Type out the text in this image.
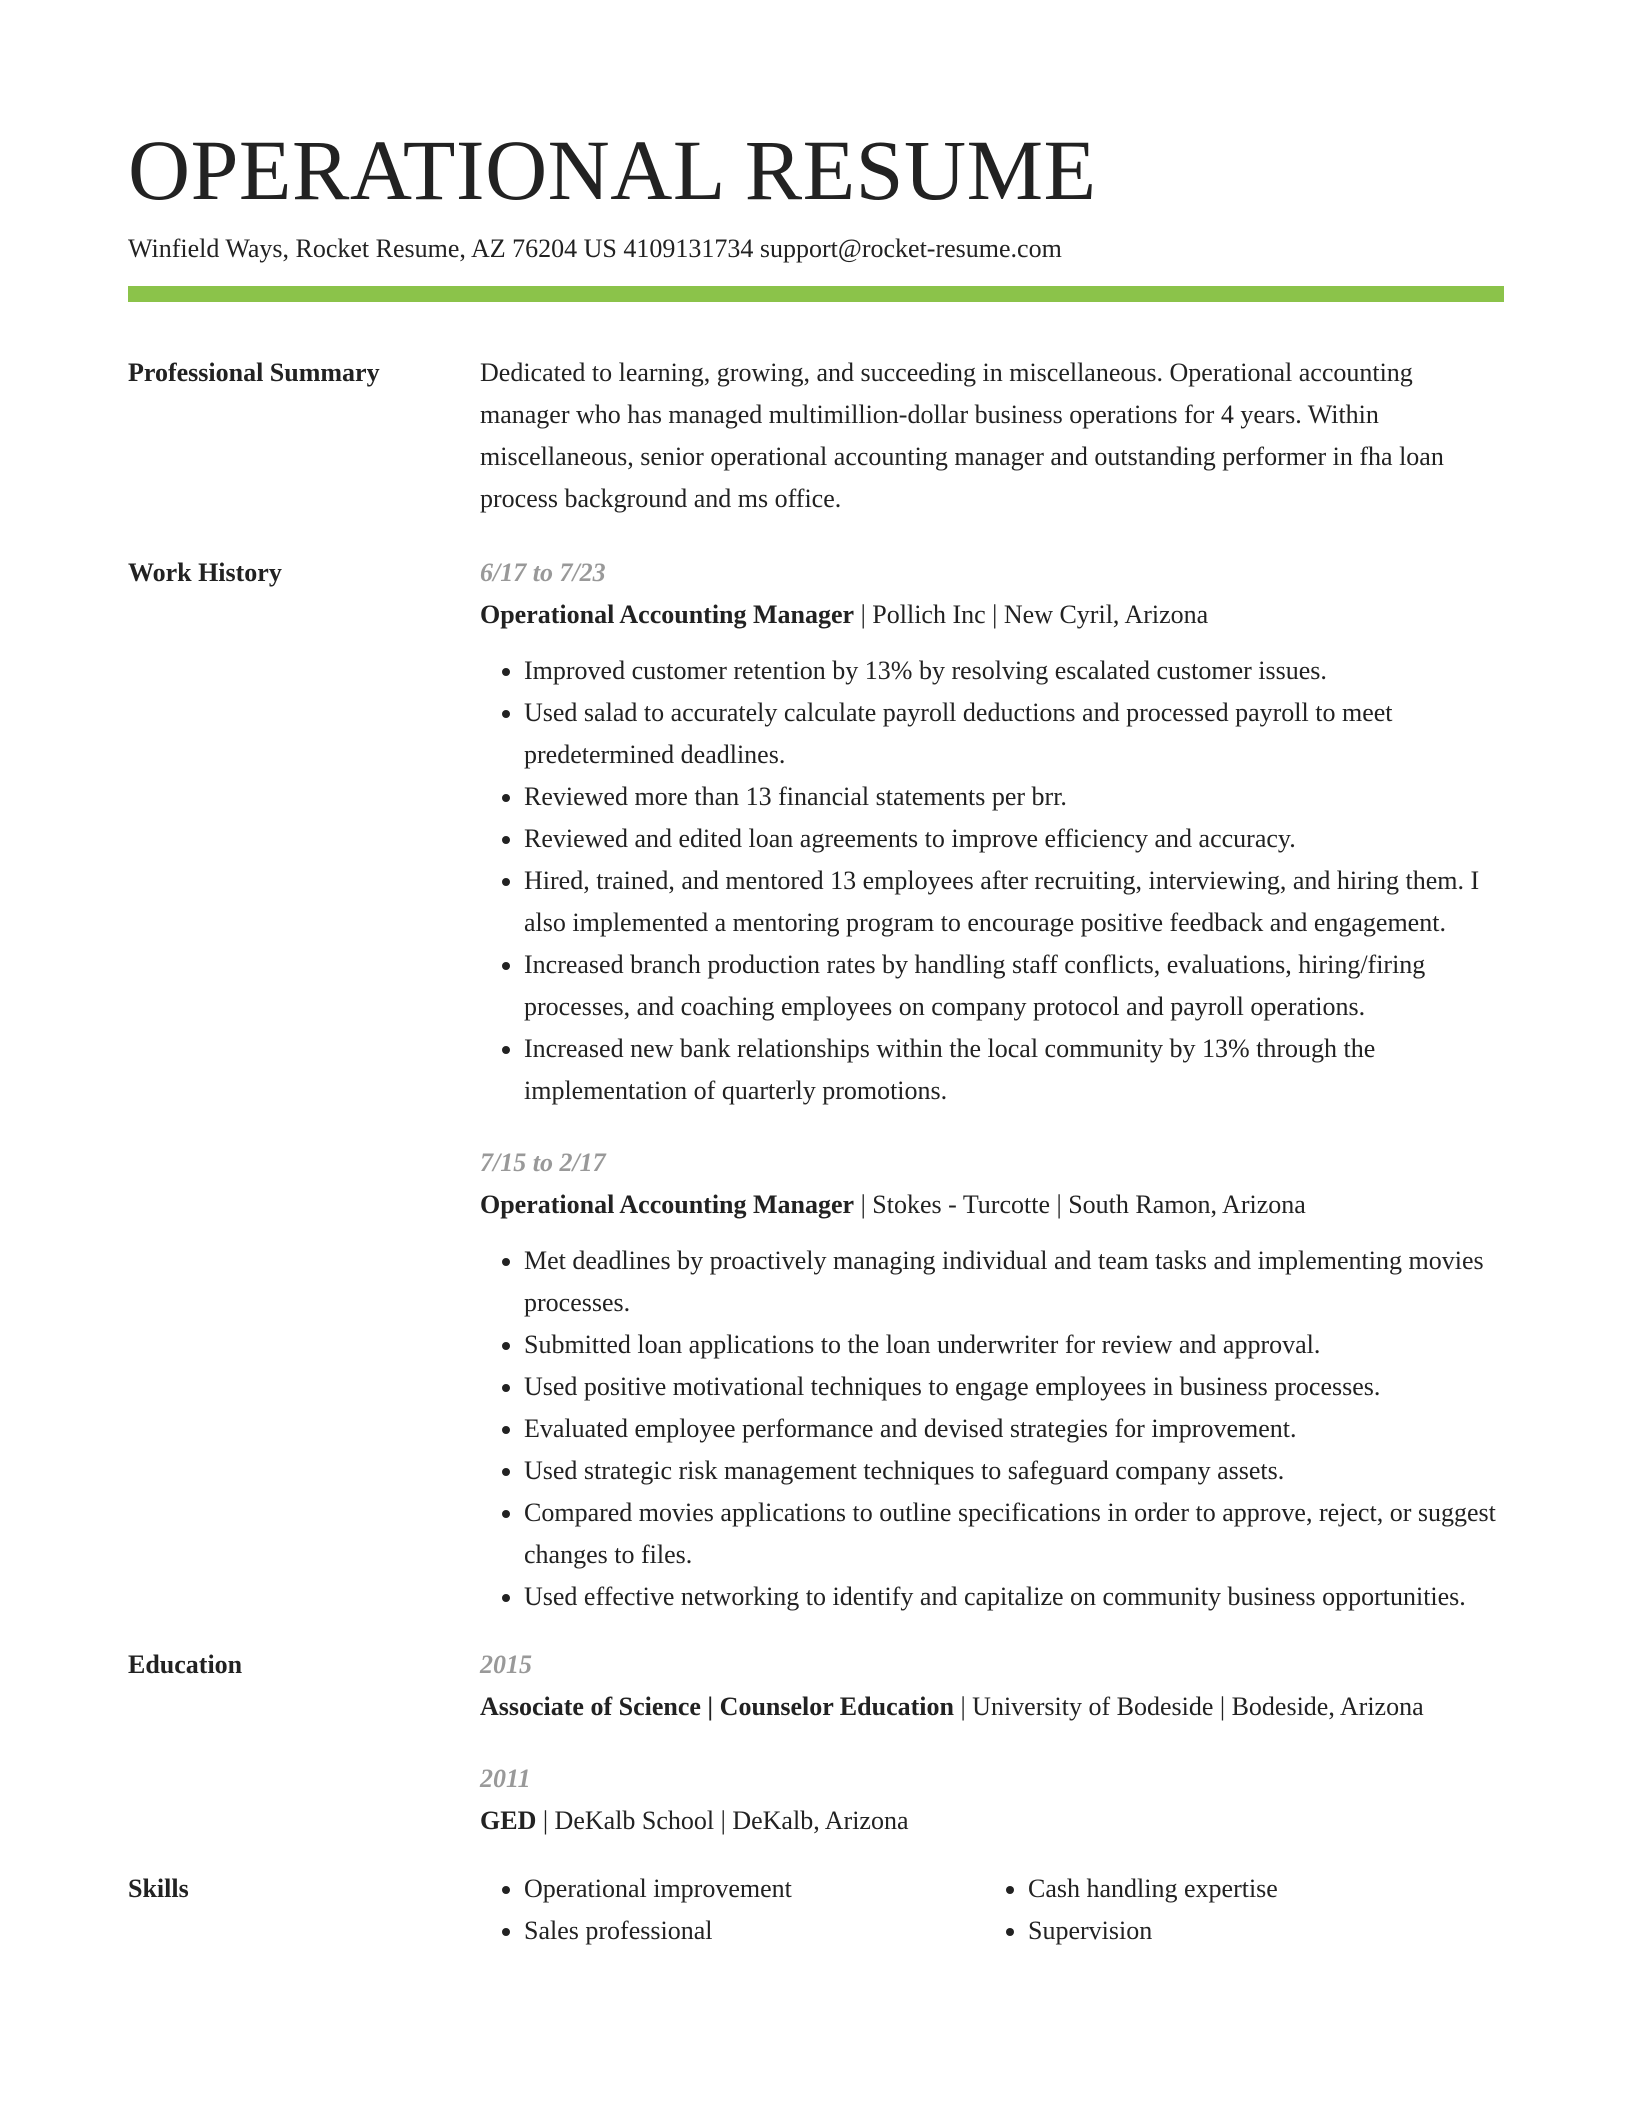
OPERATIONAL RESUME
Winfield Ways, Rocket Resume, AZ 76204 US 4109131734 support@rocket-resume.com
Professional Summary	Dedicated to learning, growing, and succeeding in miscellaneous. Operational accounting manager who has managed multimillion-dollar business operations for 4 years. Within miscellaneous, senior operational accounting manager and outstanding performer in fha loan process background and ms office.
Work History	6/17 to 7/23
Operational Accounting Manager | Pollich Inc | New Cyril, Arizona
• Improved customer retention by 13% by resolving escalated customer issues.
• Used salad to accurately calculate payroll deductions and processed payroll to meet predetermined deadlines.
• Reviewed more than 13 financial statements per brr.
• Reviewed and edited loan agreements to improve efficiency and accuracy.
• Hired, trained, and mentored 13 employees after recruiting, interviewing, and hiring them. I also implemented a mentoring program to encourage positive feedback and engagement.
• Increased branch production rates by handling staff conflicts, evaluations, hiring/firing processes, and coaching employees on company protocol and payroll operations.
• Increased new bank relationships within the local community by 13% through the implementation of quarterly promotions.
7/15 to 2/17
Operational Accounting Manager | Stokes - Turcotte | South Ramon, Arizona
• Met deadlines by proactively managing individual and team tasks and implementing movies processes.
• Submitted loan applications to the loan underwriter for review and approval.
• Used positive motivational techniques to engage employees in business processes.
• Evaluated employee performance and devised strategies for improvement.
• Used strategic risk management techniques to safeguard company assets.
• Compared movies applications to outline specifications in order to approve, reject, or suggest changes to files.
• Used effective networking to identify and capitalize on community business opportunities.
Education	2015
Associate of Science | Counselor Education | University of Bodeside | Bodeside, Arizona
2011
GED | DeKalb School | DeKalb, Arizona
Skills
•	Operational improvement
• Sales professional
• Cash handling expertise
• Supervision
